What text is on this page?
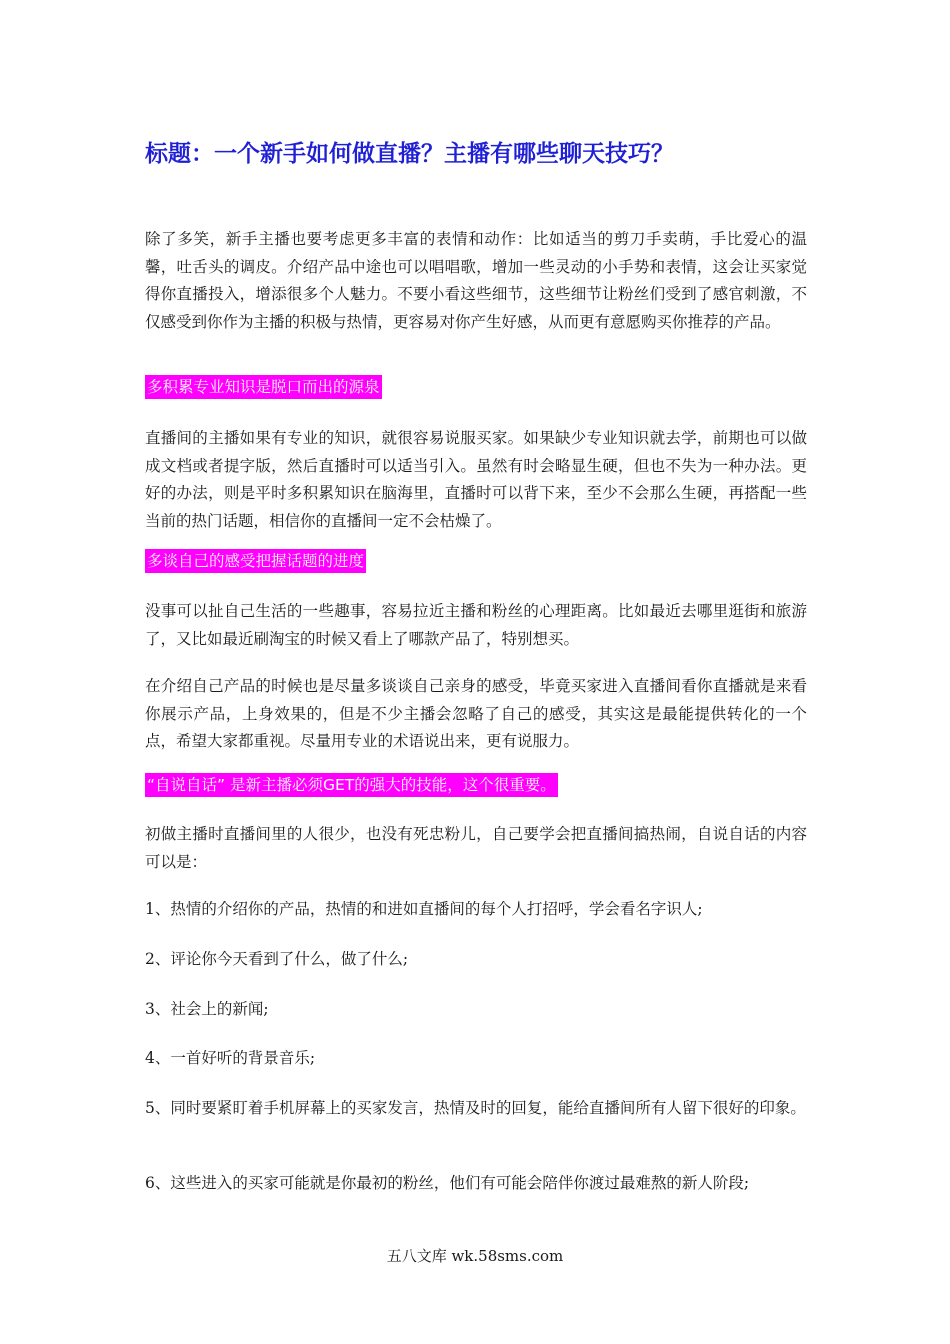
标题：一个新手如何做直播？主播有哪些聊天技巧？

除了多笑，新手主播也要考虑更多丰富的表情和动作：比如适当的剪刀手卖萌，手比爱心的温馨，吐舌头的调皮。介绍产品中途也可以唱唱歌，增加一些灵动的小手势和表情，这会让买家觉得你直播投入，增添很多个人魅力。不要小看这些细节，这些细节让粉丝们受到了感官刺激，不仅感受到你作为主播的积极与热情，更容易对你产生好感，从而更有意愿购买你推荐的产品。

多积累专业知识是脱口而出的源泉

直播间的主播如果有专业的知识，就很容易说服买家。如果缺少专业知识就去学，前期也可以做成文档或者提字版，然后直播时可以适当引入。虽然有时会略显生硬，但也不失为一种办法。更好的办法，则是平时多积累知识在脑海里，直播时可以背下来，至少不会那么生硬，再搭配一些当前的热门话题，相信你的直播间一定不会枯燥了。

多谈自己的感受把握话题的进度

没事可以扯自己生活的一些趣事，容易拉近主播和粉丝的心理距离。比如最近去哪里逛街和旅游了，又比如最近刷淘宝的时候又看上了哪款产品了，特别想买。

在介绍自己产品的时候也是尽量多谈谈自己亲身的感受，毕竟买家进入直播间看你直播就是来看你展示产品，上身效果的，但是不少主播会忽略了自己的感受，其实这是最能提供转化的一个点，希望大家都重视。尽量用专业的术语说出来，更有说服力。

“自说自话” 是新主播必须GET的强大的技能，这个很重要。

初做主播时直播间里的人很少，也没有死忠粉儿，自己要学会把直播间搞热闹，自说自话的内容可以是：

1、热情的介绍你的产品，热情的和进如直播间的每个人打招呼，学会看名字识人;

2、评论你今天看到了什么，做了什么;

3、社会上的新闻;

4、一首好听的背景音乐;

5、同时要紧盯着手机屏幕上的买家发言，热情及时的回复，能给直播间所有人留下很好的印象。

6、这些进入的买家可能就是你最初的粉丝，他们有可能会陪伴你渡过最难熬的新人阶段;

五八文库 wk.58sms.com
